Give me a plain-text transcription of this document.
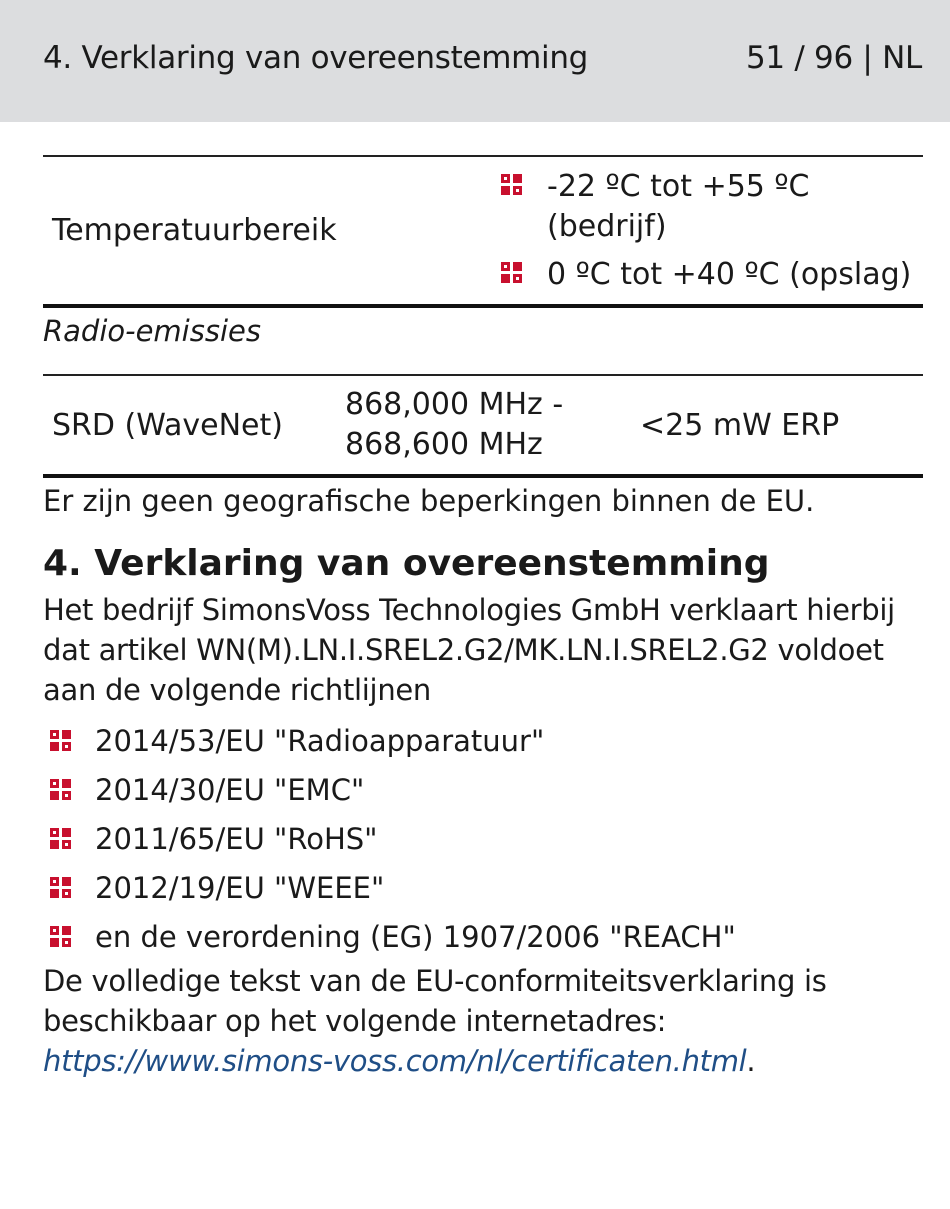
4. Verklaring van overeenstemming	51 / 96 | NL
Temperatuurbereik
-22 ºC tot +55 ºC (bedrijf)
0 ºC tot +40 ºC (opslag)
Radio-emissies
SRD (WaveNet)
868,000 MHz - 868,600 MHz
<25 mW ERP
Er zijn geen geografische beperkingen binnen de EU.
4. Verklaring van overeenstemming
Het bedrijf SimonsVoss Technologies GmbH verklaart hierbij dat artikel WN(M).LN.I.SREL2.G2/MK.LN.I.SREL2.G2 voldoet aan de volgende richtlijnen
2014/53/EU "Radioapparatuur"
2014/30/EU "EMC"
2011/65/EU "RoHS"
2012/19/EU "WEEE"
en de verordening (EG) 1907/2006 "REACH"
De volledige tekst van de EU-conformiteitsverklaring is beschikbaar op het volgende internetadres: https://www.simons-voss.com/nl/certificaten.html.
